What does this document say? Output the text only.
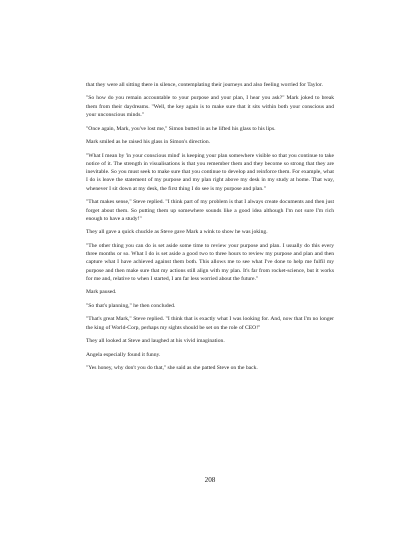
that they were all sitting there in silence, contemplating their journeys and also feeling worried for Taylor.

"So how do you remain accountable to your purpose and your plan, I hear you ask?" Mark joked to break them from their daydreams. "Well, the key again is to make sure that it sits within both your conscious and your unconscious minds."

"Once again, Mark, you've lost me," Simon butted in as he lifted his glass to his lips.

Mark smiled as he raised his glass in Simon's direction.

"What I mean by 'in your conscious mind' is keeping your plan somewhere visible so that you continue to take notice of it. The strength in visualisations is that you remember them and they become so strong that they are inevitable. So you must seek to make sure that you continue to develop and reinforce them. For example, what I do is leave the statement of my purpose and my plan right above my desk in my study at home. That way, whenever I sit down at my desk, the first thing I do see is my purpose and plan."

"That makes sense," Steve replied. "I think part of my problem is that I always create documents and then just forget about them. So putting them up somewhere sounds like a good idea although I'm not sure I'm rich enough to have a study!"

They all gave a quick chuckle as Steve gave Mark a wink to show he was joking.

"The other thing you can do is set aside some time to review your purpose and plan. I usually do this every three months or so. What I do is set aside a good two to three hours to review my purpose and plan and then capture what I have achieved against them both. This allows me to see what I've done to help me fulfil my purpose and then make sure that my actions still align with my plan. It's far from rocket-science, but it works for me and, relative to when I started, I am far less worried about the future."

Mark paused.

"So that's planning," he then concluded.

"That's great Mark," Steve replied. "I think that is exactly what I was looking for. And, now that I'm no longer the king of World-Corp, perhaps my sights should be set on the role of CEO!"

They all looked at Steve and laughed at his vivid imagination.

Angela especially found it funny.

"Yes honey, why don't you do that," she said as she patted Steve on the back.

208
